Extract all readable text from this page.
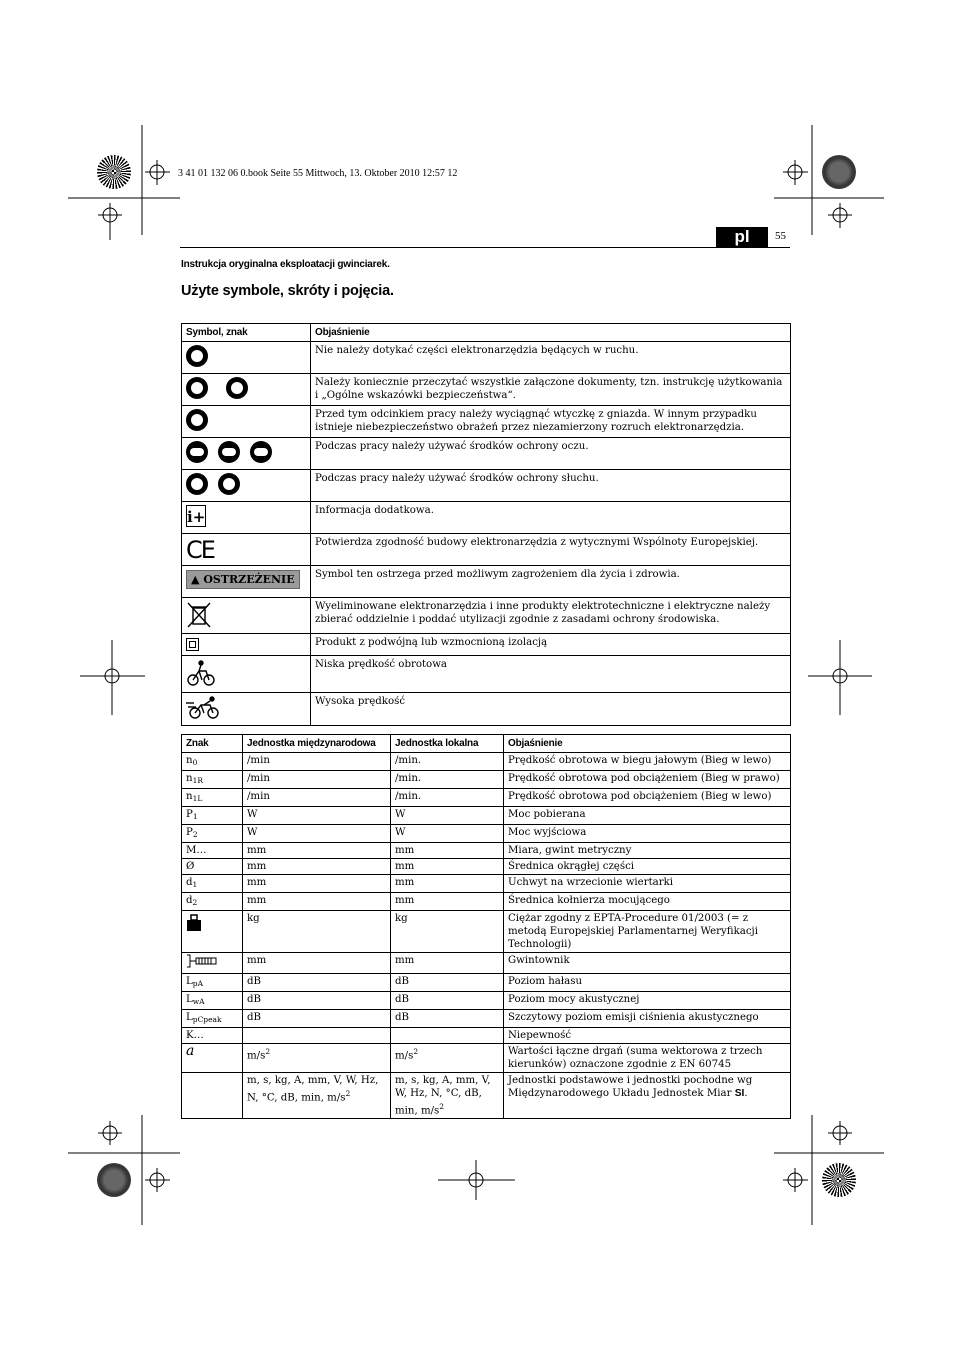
3 41 01 132 06 0.book Seite 55 Mittwoch, 13. Oktober 2010 12:57 12
pl	55
Instrukcja oryginalna eksploatacji gwinciarek.
Użyte symbole, skróty i pojęcia.
Symbol, znak	Objaśnienie

	Nie należy dotykać części elektronarzędzia będących w ruchu.

	Należy koniecznie przeczytać wszystkie załączone dokumenty, tzn. instrukcję użytkowania i „Ogólne wskazówki bezpieczeństwa“.

	Przed tym odcinkiem pracy należy wyciągnąć wtyczkę z gniazda. W innym przypadku istnieje niebezpieczeństwo obrażeń przez niezamierzony rozruch elektronarzędzia.

	Podczas pracy należy używać środków ochrony oczu.

	Podczas pracy należy używać środków ochrony słuchu.

i+	Informacja dodatkowa.

CE	Potwierdza zgodność budowy elektronarzędzia z wytycznymi Wspólnoty Europejskiej.
▲ OSTRZEŻENIE	Symbol ten ostrzega przed możliwym zagrożeniem dla życia i zdrowia.
	Wyeliminowane elektronarzędzia i inne produkty elektrotechniczne i elektryczne należy zbierać oddzielnie i poddać utylizacji zgodnie z zasadami ochrony środowiska.
	Produkt z podwójną lub wzmocnioną izolacją
	Niska prędkość obrotowa
	Wysoka prędkość
Znak	Jednostka międzynarodowa	Jednostka lokalna	Objaśnienie
$n_0$	/min	/min.	Prędkość obrotowa w biegu jałowym (Bieg w lewo)
$n_{1R}$	/min	/min.	Prędkość obrotowa pod obciążeniem (Bieg w prawo)
$n_{1L}$	/min	/min.	Prędkość obrotowa pod obciążeniem (Bieg w lewo)
$P_1$	W	W	Moc pobierana
$P_2$	W	W	Moc wyjściowa
M…	mm	mm	Miara, gwint metryczny
Ø	mm	mm	Średnica okrągłej części
$d_1$	mm	mm	Uchwyt na wrzecionie wiertarki
$d_2$	mm	mm	Średnica kołnierza mocującego
	kg	kg	Ciężar zgodny z EPTA-Procedure 01/2003 (= z metodą Europejskiej Parlamentarnej Weryfikacji Technologii)
	mm	mm	Gwintownik
$L_{pA}$	dB	dB	Poziom hałasu
$L_{wA}$	dB	dB	Poziom mocy akustycznej
$L_{pCpeak}$	dB	dB	Szczytowy poziom emisji ciśnienia akustycznego
K…			Niepewność
a	$m/s^2$	$m/s^2$	Wartości łączne drgań (suma wektorowa z trzech kierunków) oznaczone zgodnie z EN 60745
	m, s, kg, A, mm, V, W, Hz, N, °C, dB, min, $m/s^2$	m, s, kg, A, mm, V, W, Hz, N, °C, dB, min, $m/s^2$	Jednostki podstawowe i jednostki pochodne wg Międzynarodowego Układu Jednostek Miar SI.
